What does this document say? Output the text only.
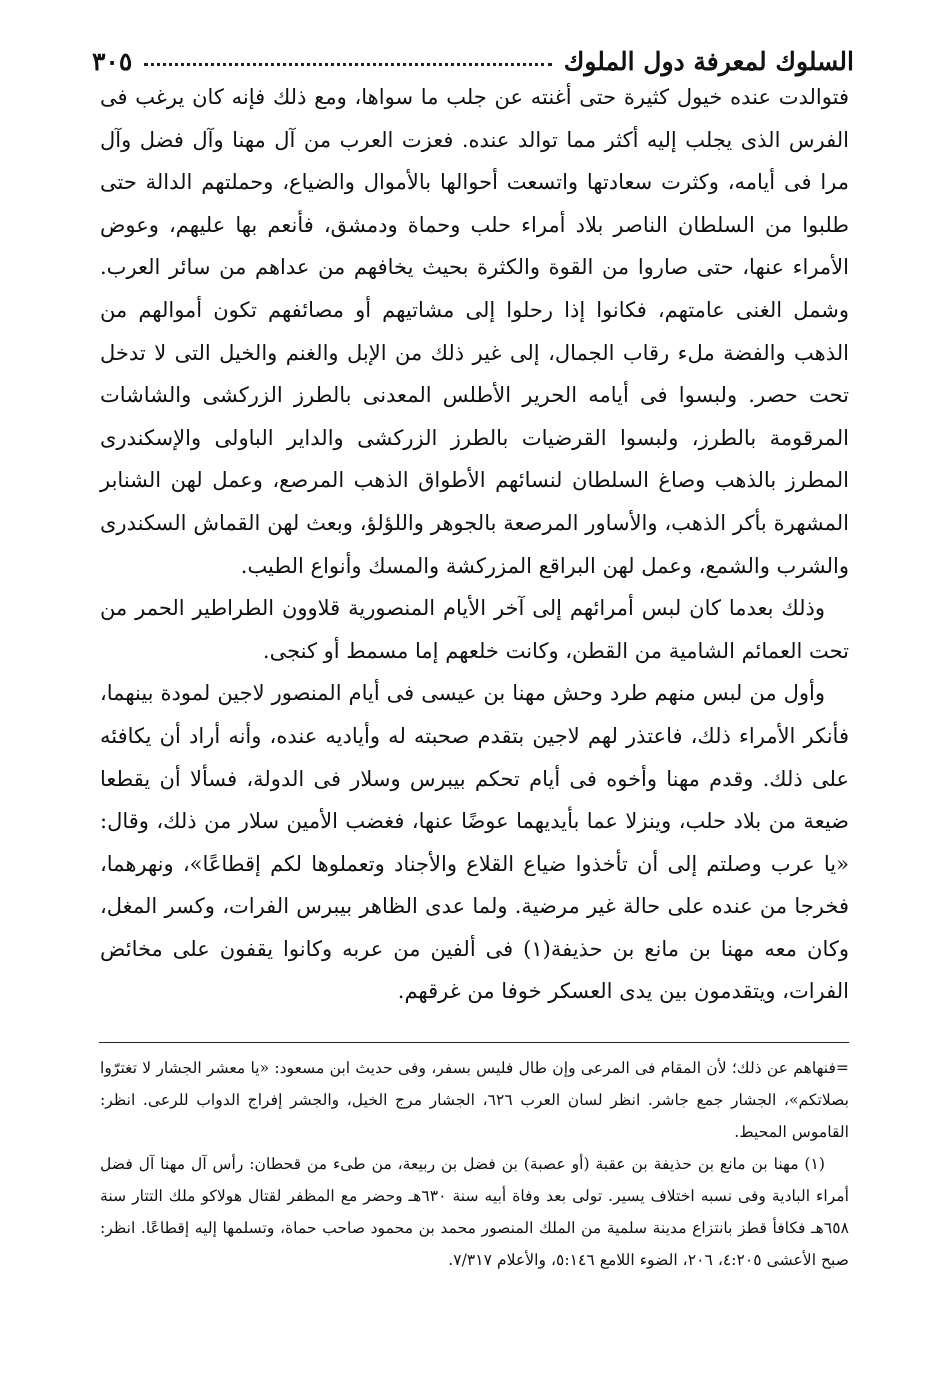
السلوك لمعرفة دول الملوك
٣٠٥

فتوالدت عنده خيول كثيرة حتى أغنته عن جلب ما سواها، ومع ذلك فإنه كان يرغب فى الفرس الذى يجلب إليه أكثر مما توالد عنده. فعزت العرب من آل مهنا وآل فضل وآل مرا فى أيامه، وكثرت سعادتها واتسعت أحوالها بالأموال والضياع، وحملتهم الدالة حتى طلبوا من السلطان الناصر بلاد أمراء حلب وحماة ودمشق، فأنعم بها عليهم، وعوض الأمراء عنها، حتى صاروا من القوة والكثرة بحيث يخافهم من عداهم من سائر العرب. وشمل الغنى عامتهم، فكانوا إذا رحلوا إلى مشاتيهم أو مصائفهم تكون أموالهم من الذهب والفضة ملء رقاب الجمال، إلى غير ذلك من الإبل والغنم والخيل التى لا تدخل تحت حصر. ولبسوا فى أيامه الحرير الأطلس المعدنى بالطرز الزركشى والشاشات المرقومة بالطرز، ولبسوا القرضيات بالطرز الزركشى والداير الباولى والإسكندرى المطرز بالذهب وصاغ السلطان لنسائهم الأطواق الذهب المرصع، وعمل لهن الشنابر المشهرة بأكر الذهب، والأساور المرصعة بالجوهر واللؤلؤ، وبعث لهن القماش السكندرى والشرب والشمع، وعمل لهن البراقع المزركشة والمسك وأنواع الطيب.

وذلك بعدما كان لبس أمرائهم إلى آخر الأيام المنصورية قلاوون الطراطير الحمر من تحت العمائم الشامية من القطن، وكانت خلعهم إما مسمط أو كنجى.

وأول من لبس منهم طرد وحش مهنا بن عيسى فى أيام المنصور لاجين لمودة بينهما، فأنكر الأمراء ذلك، فاعتذر لهم لاجين بتقدم صحبته له وأياديه عنده، وأنه أراد أن يكافئه على ذلك. وقدم مهنا وأخوه فى أيام تحكم بيبرس وسلار فى الدولة، فسألا أن يقطعا ضيعة من بلاد حلب، وينزلا عما بأيديهما عوضًا عنها، فغضب الأمين سلار من ذلك، وقال: «يا عرب وصلتم إلى أن تأخذوا ضياع القلاع والأجناد وتعملوها لكم إقطاعًا»، ونهرهما، فخرجا من عنده على حالة غير مرضية. ولما عدى الظاهر بيبرس الفرات، وكسر المغل، وكان معه مهنا بن مانع بن حذيفة(١) فى ألفين من عربه وكانوا يقفون على مخائض الفرات، ويتقدمون بين يدى العسكر خوفا من غرقهم.

=فنهاهم عن ذلك؛ لأن المقام فى المرعى وإن طال فليس بسفر، وفى حديث ابن مسعود: «يا معشر الجشار لا تغترّوا بصلاتكم»، الجشار جمع جاشر. انظر لسان العرب ٦٢٦، الجشار مرج الخيل، والجشر إفراج الدواب للرعى. انظر: القاموس المحيط.

(١) مهنا بن مانع بن حذيفة بن عقبة (أو عصبة) بن فضل بن ربيعة، من طىء من قحطان: رأس آل مهنا آل فضل أمراء البادية وفى نسبه اختلاف يسير. تولى بعد وفاة أبيه سنة ٦٣٠هـ وحضر مع المظفر لقتال هولاكو ملك التتار سنة ٦٥٨هـ فكافأ قطز بانتزاع مدينة سلمية من الملك المنصور محمد بن محمود صاحب حماة، وتسلمها إليه إقطاعًا. انظر: صبح الأعشى ٤:٢٠٥، ٢٠٦، الضوء اللامع ٥:١٤٦، والأعلام ٧/٣١٧.
